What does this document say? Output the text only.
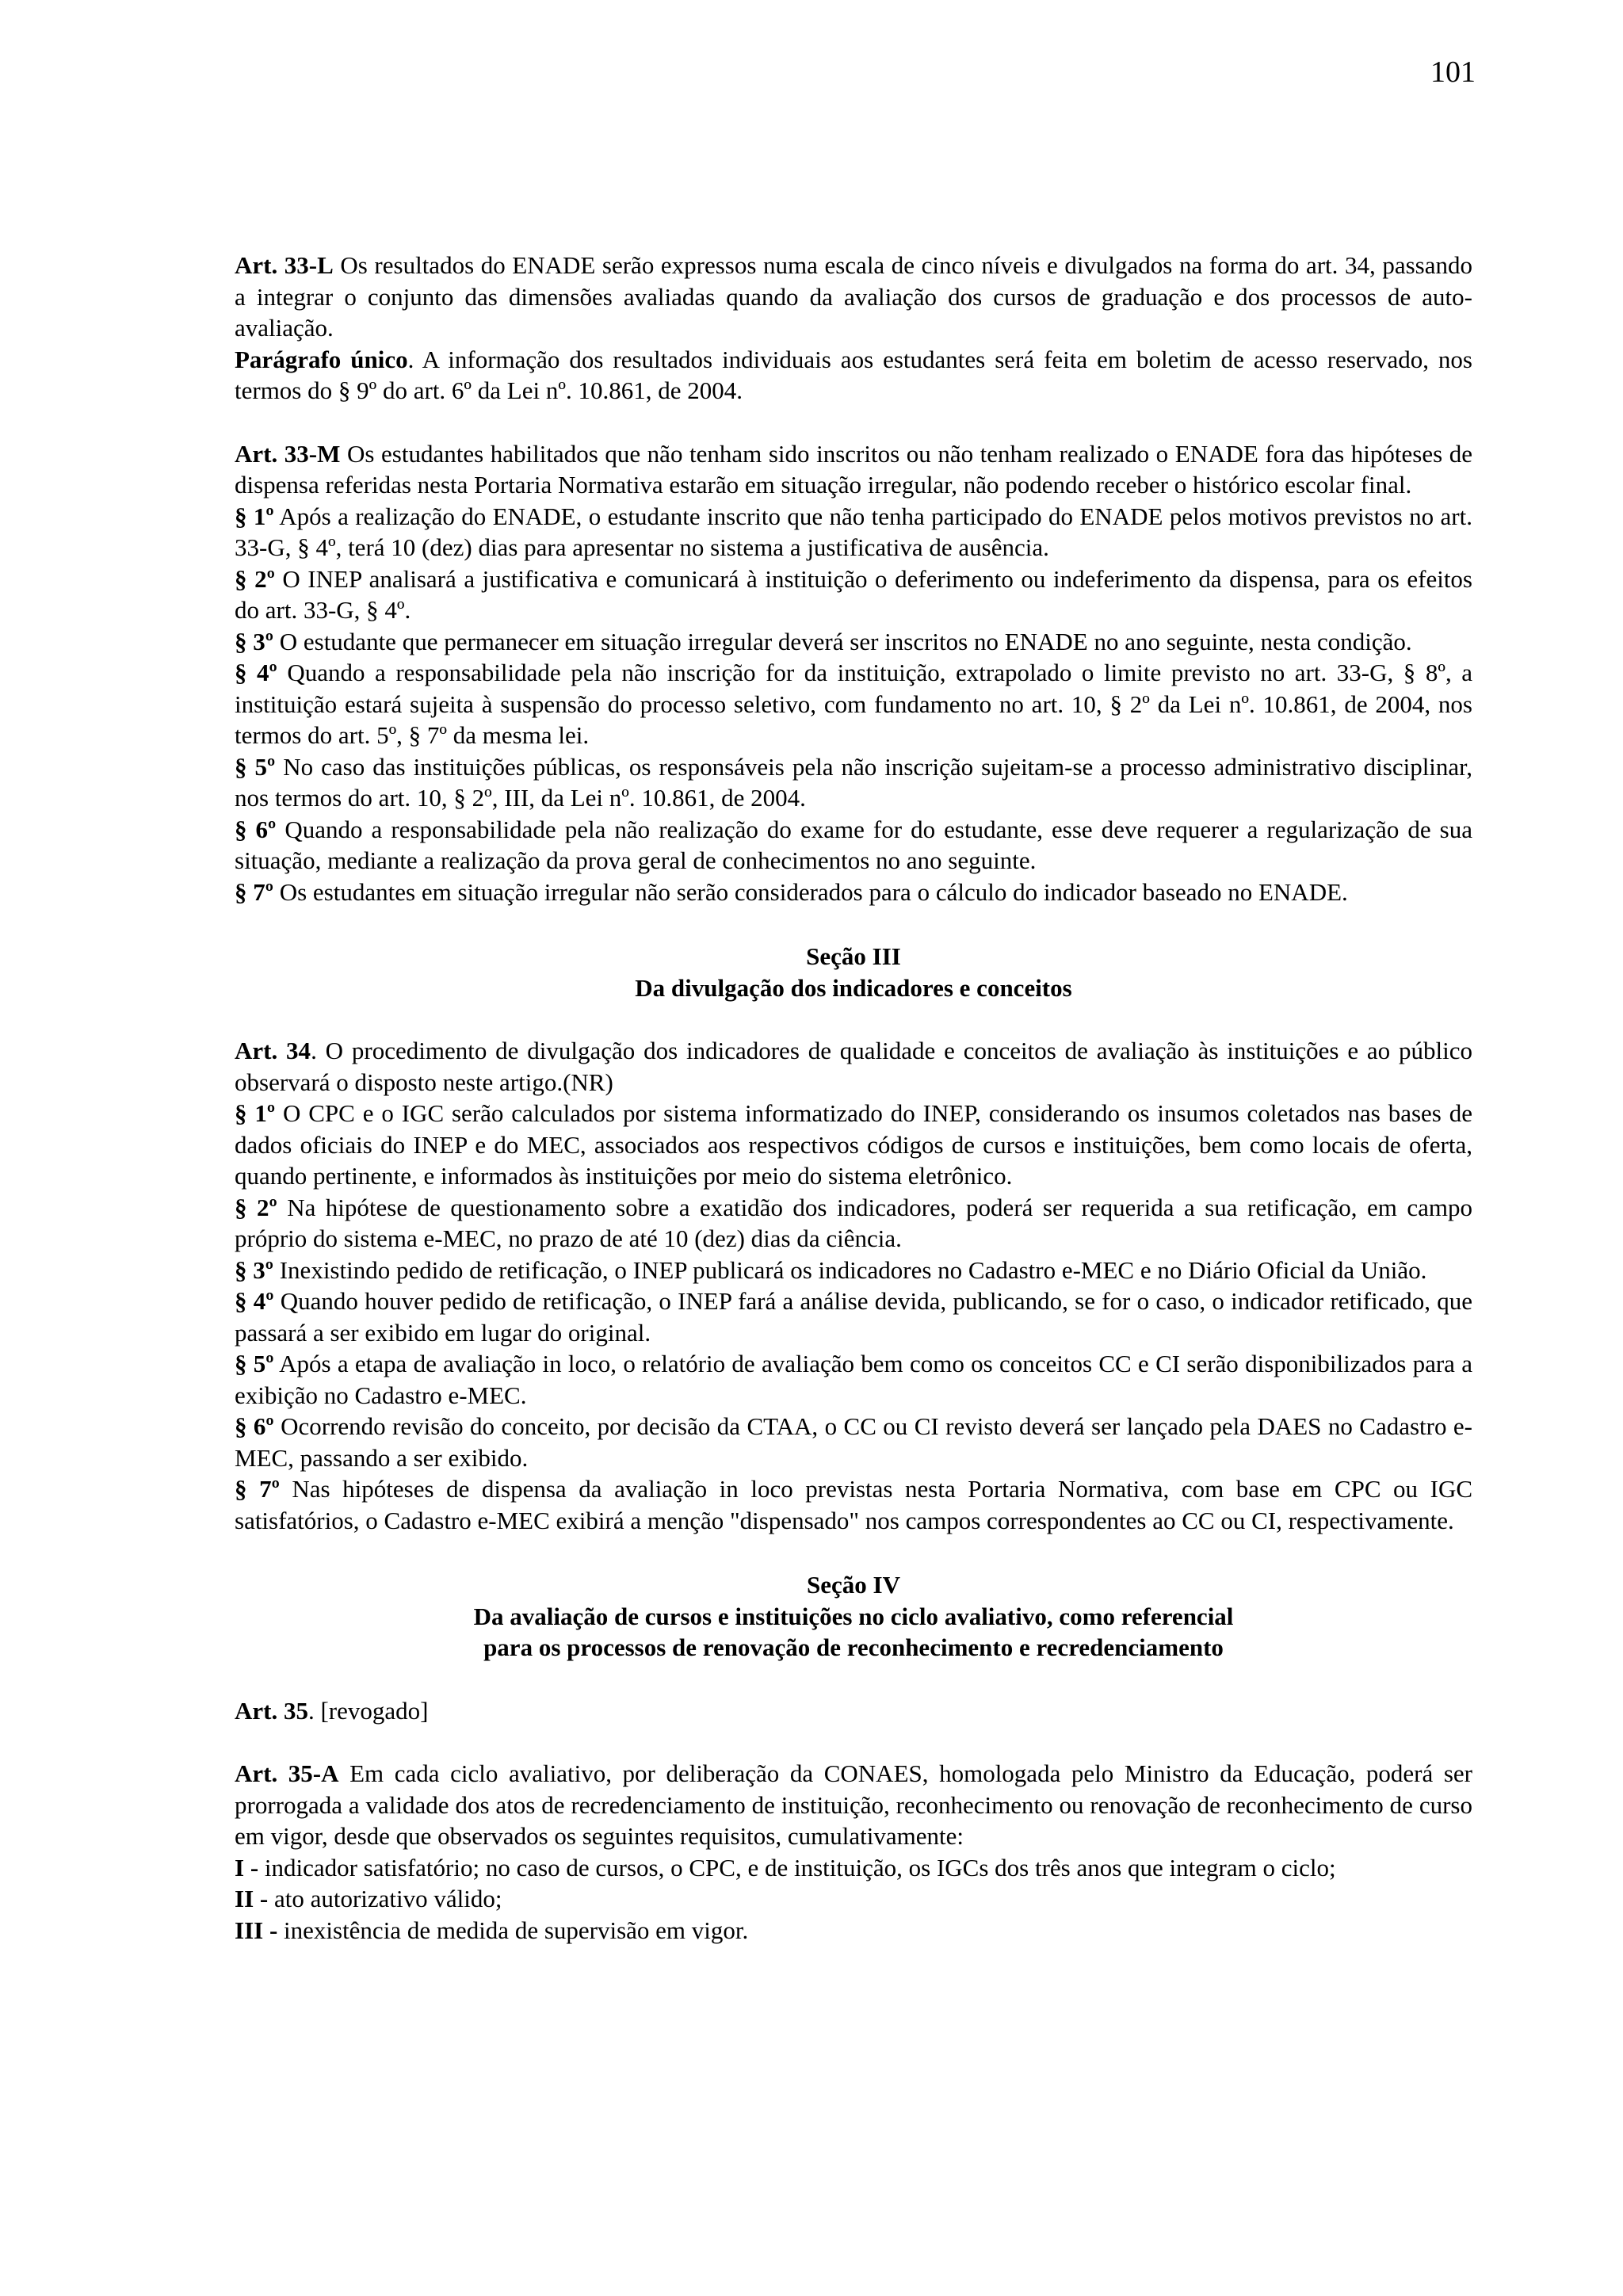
101

Art. 33-L Os resultados do ENADE serão expressos numa escala de cinco níveis e divulgados na forma do art. 34, passando a integrar o conjunto das dimensões avaliadas quando da avaliação dos cursos de graduação e dos processos de auto-avaliação.

Parágrafo único. A informação dos resultados individuais aos estudantes será feita em boletim de acesso reservado, nos termos do § 9º do art. 6º da Lei nº. 10.861, de 2004.

Art. 33-M Os estudantes habilitados que não tenham sido inscritos ou não tenham realizado o ENADE fora das hipóteses de dispensa referidas nesta Portaria Normativa estarão em situação irregular, não podendo receber o histórico escolar final.

§ 1º Após a realização do ENADE, o estudante inscrito que não tenha participado do ENADE pelos motivos previstos no art. 33-G, § 4º, terá 10 (dez) dias para apresentar no sistema a justificativa de ausência.

§ 2º O INEP analisará a justificativa e comunicará à instituição o deferimento ou indeferimento da dispensa, para os efeitos do art. 33-G, § 4º.

§ 3º O estudante que permanecer em situação irregular deverá ser inscritos no ENADE no ano seguinte, nesta condição.

§ 4º Quando a responsabilidade pela não inscrição for da instituição, extrapolado o limite previsto no art. 33-G, § 8º, a instituição estará sujeita à suspensão do processo seletivo, com fundamento no art. 10, § 2º da Lei nº. 10.861, de 2004, nos termos do art. 5º, § 7º da mesma lei.

§ 5º No caso das instituições públicas, os responsáveis pela não inscrição sujeitam-se a processo administrativo disciplinar, nos termos do art. 10, § 2º, III, da Lei nº. 10.861, de 2004.

§ 6º Quando a responsabilidade pela não realização do exame for do estudante, esse deve requerer a regularização de sua situação, mediante a realização da prova geral de conhecimentos no ano seguinte.

§ 7º Os estudantes em situação irregular não serão considerados para o cálculo do indicador baseado no ENADE.

Seção III

Da divulgação dos indicadores e conceitos

Art. 34. O procedimento de divulgação dos indicadores de qualidade e conceitos de avaliação às instituições e ao público observará o disposto neste artigo.(NR)

§ 1º O CPC e o IGC serão calculados por sistema informatizado do INEP, considerando os insumos coletados nas bases de dados oficiais do INEP e do MEC, associados aos respectivos códigos de cursos e instituições, bem como locais de oferta, quando pertinente, e informados às instituições por meio do sistema eletrônico.

§ 2º Na hipótese de questionamento sobre a exatidão dos indicadores, poderá ser requerida a sua retificação, em campo próprio do sistema e-MEC, no prazo de até 10 (dez) dias da ciência.

§ 3º Inexistindo pedido de retificação, o INEP publicará os indicadores no Cadastro e-MEC e no Diário Oficial da União.

§ 4º Quando houver pedido de retificação, o INEP fará a análise devida, publicando, se for o caso, o indicador retificado, que passará a ser exibido em lugar do original.

§ 5º Após a etapa de avaliação in loco, o relatório de avaliação bem como os conceitos CC e CI serão disponibilizados para a exibição no Cadastro e-MEC.

§ 6º Ocorrendo revisão do conceito, por decisão da CTAA, o CC ou CI revisto deverá ser lançado pela DAES no Cadastro e-MEC, passando a ser exibido.

§ 7º Nas hipóteses de dispensa da avaliação in loco previstas nesta Portaria Normativa, com base em CPC ou IGC satisfatórios, o Cadastro e-MEC exibirá a menção "dispensado" nos campos correspondentes ao CC ou CI, respectivamente.

Seção IV

Da avaliação de cursos e instituições no ciclo avaliativo, como referencial

para os processos de renovação de reconhecimento e recredenciamento

Art. 35. [revogado]

Art. 35-A Em cada ciclo avaliativo, por deliberação da CONAES, homologada pelo Ministro da Educação, poderá ser prorrogada a validade dos atos de recredenciamento de instituição, reconhecimento ou renovação de reconhecimento de curso em vigor, desde que observados os seguintes requisitos, cumulativamente:

I - indicador satisfatório; no caso de cursos, o CPC, e de instituição, os IGCs dos três anos que integram o ciclo;

II - ato autorizativo válido;

III - inexistência de medida de supervisão em vigor.
